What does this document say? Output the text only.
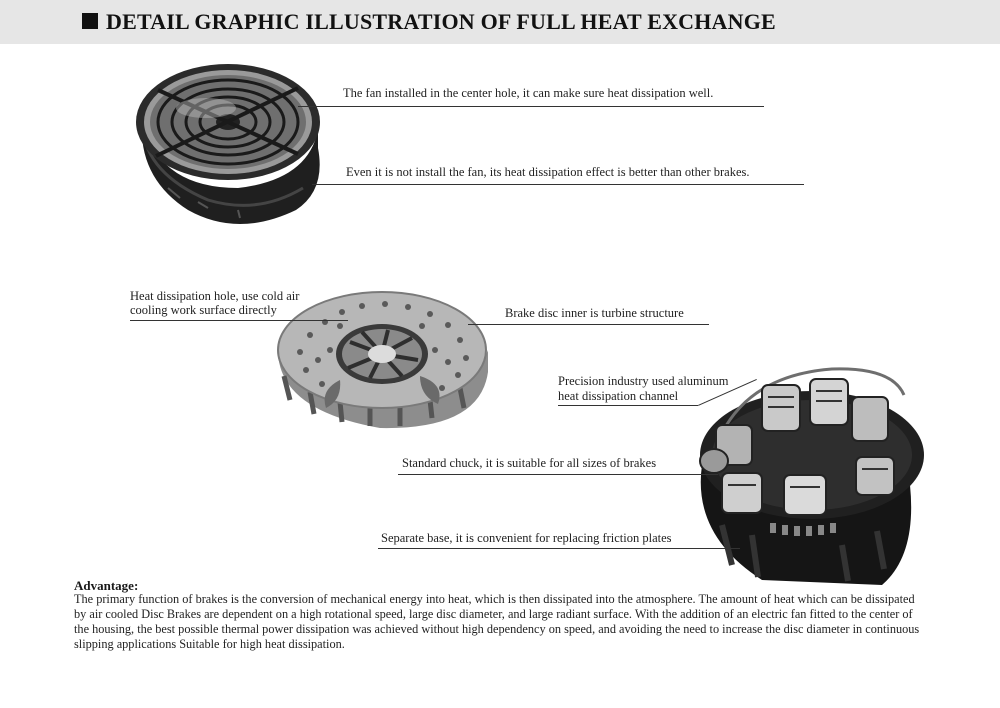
DETAIL GRAPHIC ILLUSTRATION OF FULL HEAT EXCHANGE
The fan installed in the center hole, it can make sure heat dissipation well.
Even it is not install the fan, its heat dissipation effect is better than other brakes.
Heat dissipation hole, use cold air
cooling work surface directly	Brake disc inner is turbine structure
Precision industry used aluminum
heat dissipation channel
Standard chuck, it is suitable for all sizes of brakes
Separate base, it is convenient for replacing friction plates
Advantage:
The primary function of brakes is the conversion of mechanical energy into heat, which is then dissipated into the atmosphere. The amount of heat which can be dissipated by air cooled Disc Brakes are dependent on a high rotational speed, large disc diameter, and large radiant surface. With the addition of an electric fan fitted to the center of the housing, the best possible thermal power dissipation was achieved without high dependency on speed, and avoiding the need to increase the disc diameter in continuous slipping applications Suitable for high heat dissipation.
